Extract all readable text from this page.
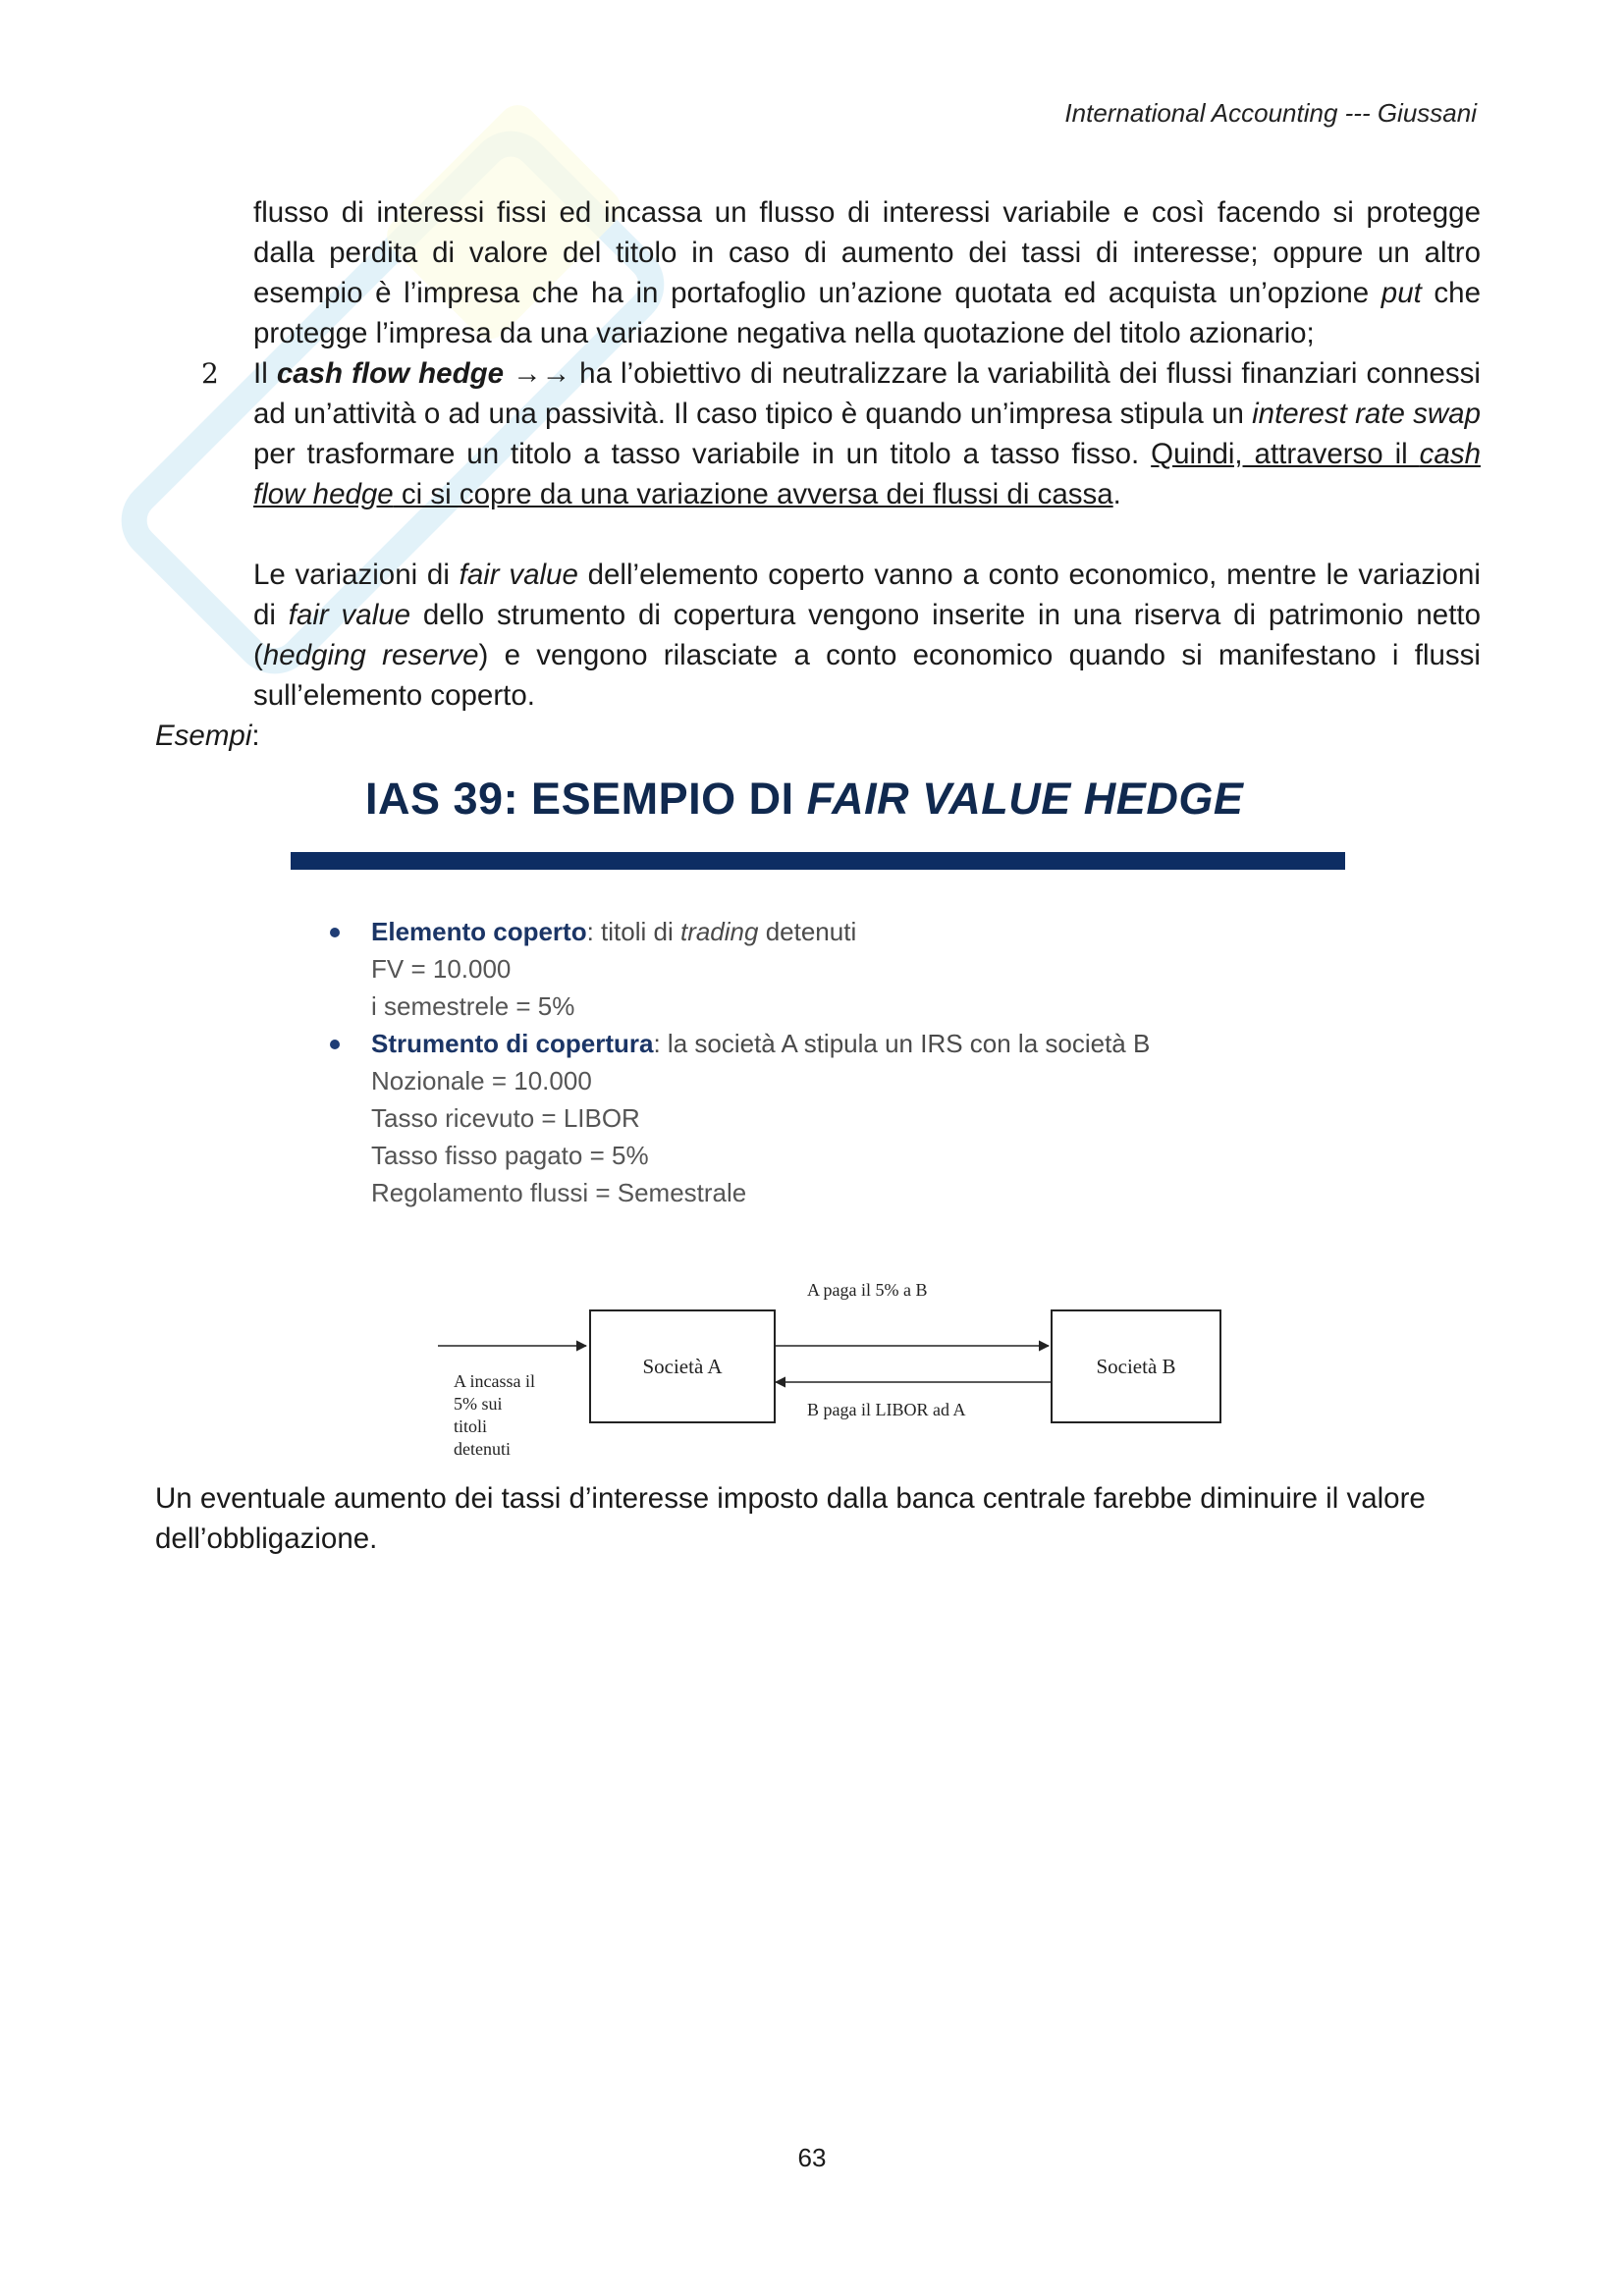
International Accounting --- Giussani
flusso di interessi fissi ed incassa un flusso di interessi variabile e così facendo si protegge dalla perdita di valore del titolo in caso di aumento dei tassi di interesse; oppure un altro esempio è l’impresa che ha in portafoglio un’azione quotata ed acquista un’opzione put che protegge l’impresa da una variazione negativa nella quotazione del titolo azionario;
2 Il cash flow hedge →→ ha l’obiettivo di neutralizzare la variabilità dei flussi finanziari connessi ad un’attività o ad una passività. Il caso tipico è quando un’impresa stipula un interest rate swap per trasformare un titolo a tasso variabile in un titolo a tasso fisso. Quindi, attraverso il cash flow hedge ci si copre da una variazione avversa dei flussi di cassa.
Le variazioni di fair value dell’elemento coperto vanno a conto economico, mentre le variazioni di fair value dello strumento di copertura vengono inserite in una riserva di patrimonio netto (hedging reserve) e vengono rilasciate a conto economico quando si manifestano i flussi sull’elemento coperto.
Esempi:
IAS 39: ESEMPIO DI FAIR VALUE HEDGE
Elemento coperto: titoli di trading detenuti
FV = 10.000
i semestrele = 5%
Strumento di copertura: la società A stipula un IRS con la società B
Nozionale = 10.000
Tasso ricevuto = LIBOR
Tasso fisso pagato = 5%
Regolamento flussi = Semestrale
Società A	Società B
A paga il 5% a B
B paga il LIBOR ad A
A incassa il
5% sui
titoli
detenuti
Un eventuale aumento dei tassi d’interesse imposto dalla banca centrale farebbe diminuire il valore dell’obbligazione.
63
